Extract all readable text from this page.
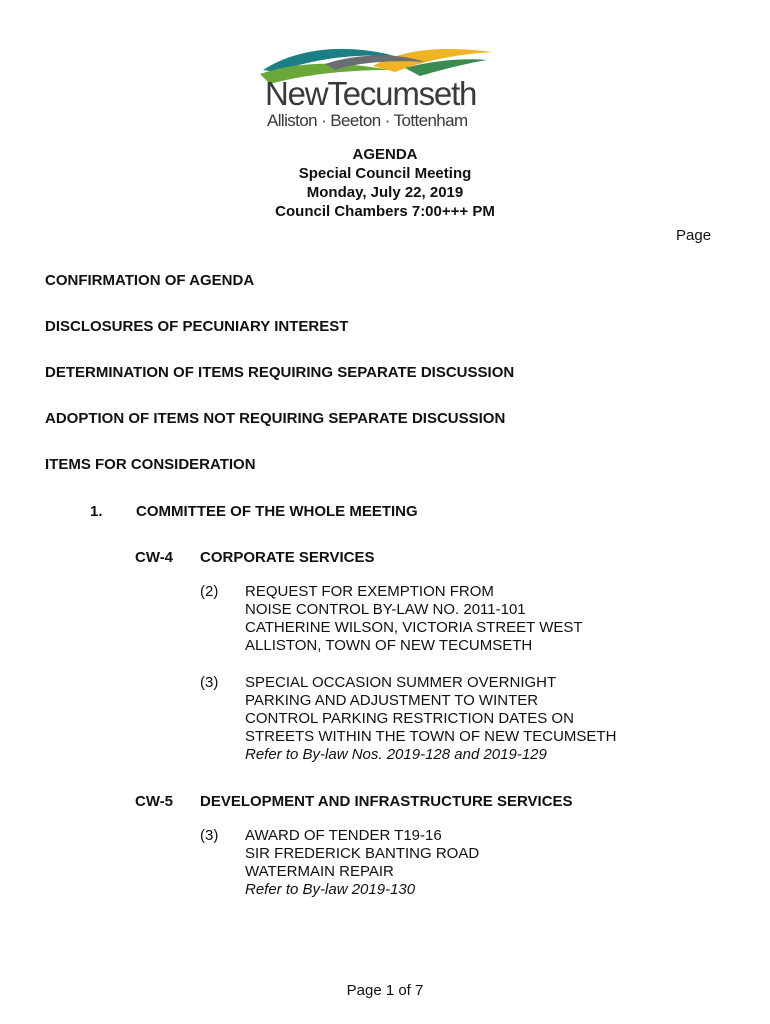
NewTecumseth
Alliston · Beeton · Tottenham
AGENDA
Special Council Meeting
Monday, July 22, 2019
Council Chambers 7:00+++ PM
Page
CONFIRMATION OF AGENDA
DISCLOSURES OF PECUNIARY INTEREST
DETERMINATION OF ITEMS REQUIRING SEPARATE DISCUSSION
ADOPTION OF ITEMS NOT REQUIRING SEPARATE DISCUSSION
ITEMS FOR CONSIDERATION
1. COMMITTEE OF THE WHOLE MEETING
CW-4 CORPORATE SERVICES
(2) REQUEST FOR EXEMPTION FROM
NOISE CONTROL BY-LAW NO. 2011-101
CATHERINE WILSON, VICTORIA STREET WEST
ALLISTON, TOWN OF NEW TECUMSETH
(3) SPECIAL OCCASION SUMMER OVERNIGHT
PARKING AND ADJUSTMENT TO WINTER
CONTROL PARKING RESTRICTION DATES ON
STREETS WITHIN THE TOWN OF NEW TECUMSETH
Refer to By-law Nos. 2019-128 and 2019-129
CW-5 DEVELOPMENT AND INFRASTRUCTURE SERVICES
(3) AWARD OF TENDER T19-16
SIR FREDERICK BANTING ROAD
WATERMAIN REPAIR
Refer to By-law 2019-130
Page 1 of 7
